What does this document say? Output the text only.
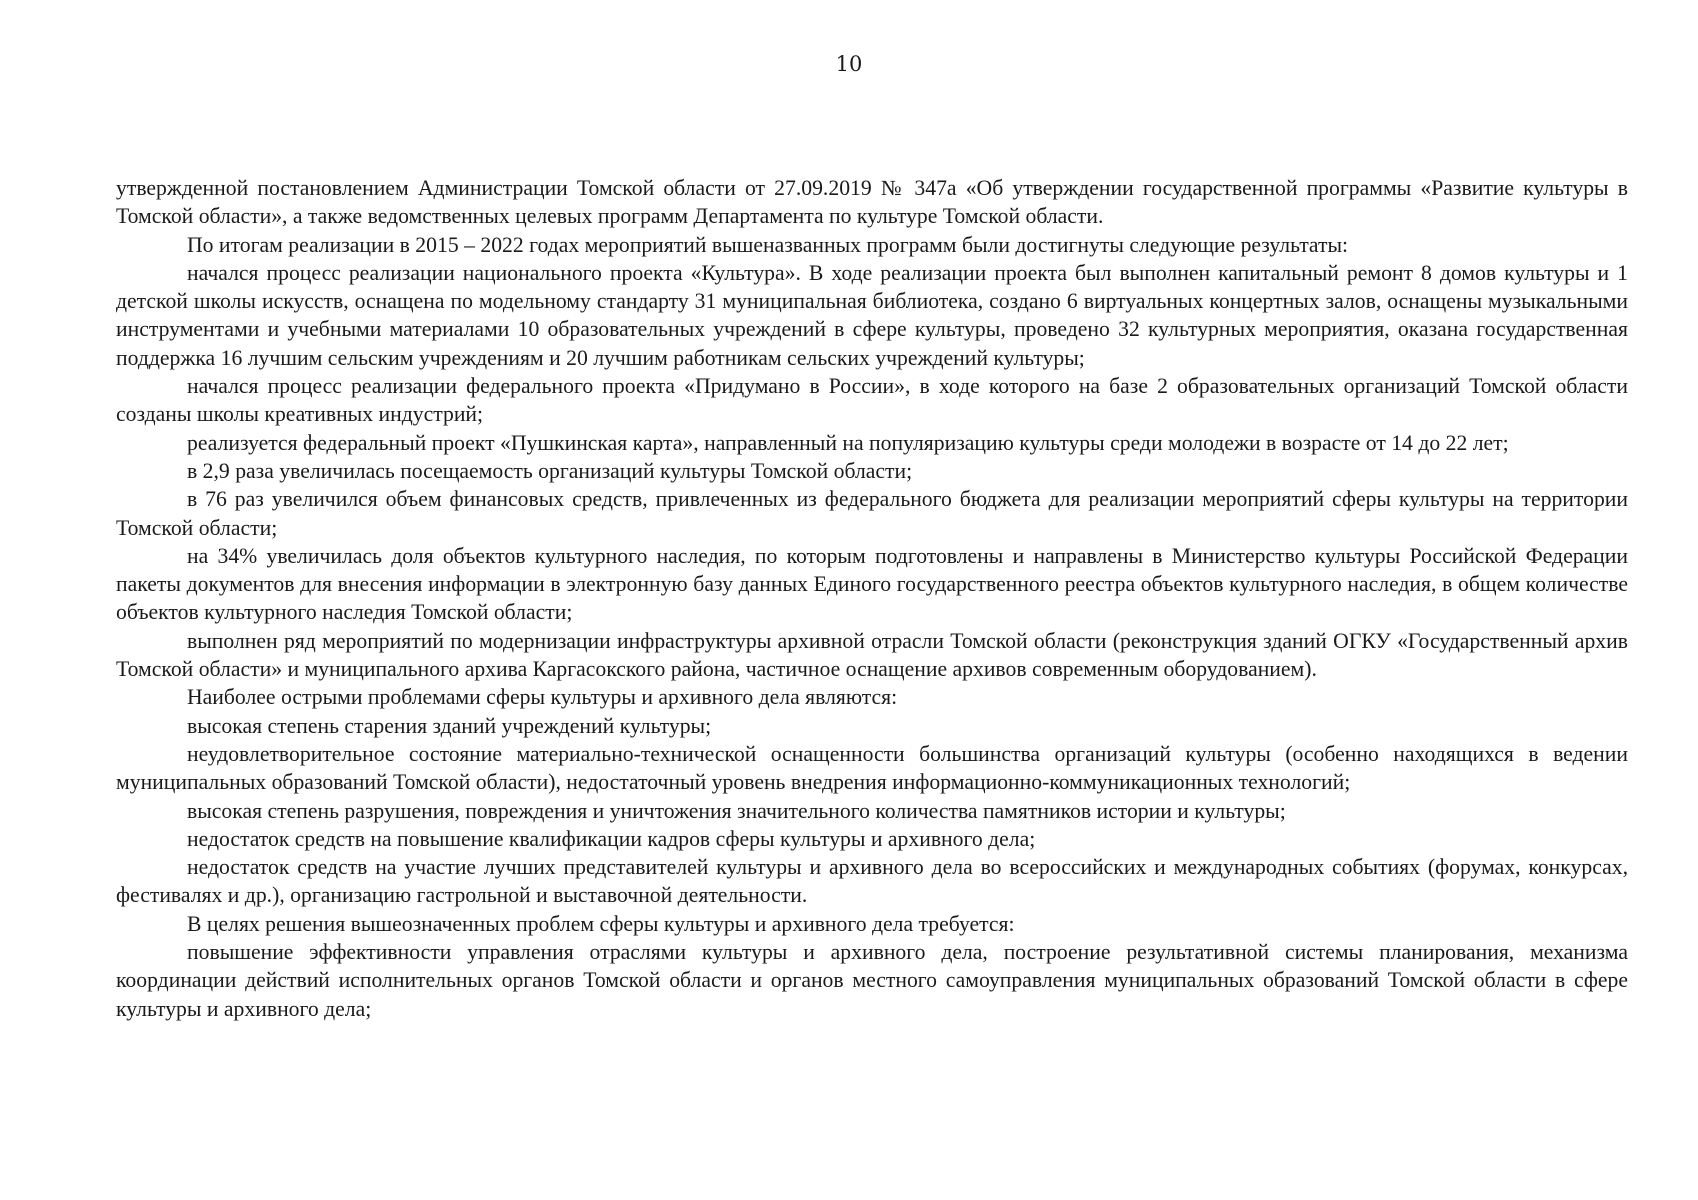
10

утвержденной постановлением Администрации Томской области от 27.09.2019 № 347а «Об утверждении государственной программы «Развитие культуры в Томской области», а также ведомственных целевых программ Департамента по культуре Томской области.

По итогам реализации в 2015 – 2022 годах мероприятий вышеназванных программ были достигнуты следующие результаты:

начался процесс реализации национального проекта «Культура». В ходе реализации проекта был выполнен капитальный ремонт 8 домов культуры и 1 детской школы искусств, оснащена по модельному стандарту 31 муниципальная библиотека, создано 6 виртуальных концертных залов, оснащены музыкальными инструментами и учебными материалами 10 образовательных учреждений в сфере культуры, проведено 32 культурных мероприятия, оказана государственная поддержка 16 лучшим сельским учреждениям и 20 лучшим работникам сельских учреждений культуры;

начался процесс реализации федерального проекта «Придумано в России», в ходе которого на базе 2 образовательных организаций Томской области созданы школы креативных индустрий;

реализуется федеральный проект «Пушкинская карта», направленный на популяризацию культуры среди молодежи в возрасте от 14 до 22 лет;

в 2,9 раза увеличилась посещаемость организаций культуры Томской области;

в 76 раз увеличился объем финансовых средств, привлеченных из федерального бюджета для реализации мероприятий сферы культуры на территории Томской области;

на 34% увеличилась доля объектов культурного наследия, по которым подготовлены и направлены в Министерство культуры Российской Федерации пакеты документов для внесения информации в электронную базу данных Единого государственного реестра объектов культурного наследия, в общем количестве объектов культурного наследия Томской области;

выполнен ряд мероприятий по модернизации инфраструктуры архивной отрасли Томской области (реконструкция зданий ОГКУ «Государственный архив Томской области» и муниципального архива Каргасокского района, частичное оснащение архивов современным оборудованием).

Наиболее острыми проблемами сферы культуры и архивного дела являются:

высокая степень старения зданий учреждений культуры;

неудовлетворительное состояние материально-технической оснащенности большинства организаций культуры (особенно находящихся в ведении муниципальных образований Томской области), недостаточный уровень внедрения информационно-коммуникационных технологий;

высокая степень разрушения, повреждения и уничтожения значительного количества памятников истории и культуры;

недостаток средств на повышение квалификации кадров сферы культуры и архивного дела;

недостаток средств на участие лучших представителей культуры и архивного дела во всероссийских и международных событиях (форумах, конкурсах, фестивалях и др.), организацию гастрольной и выставочной деятельности.

В целях решения вышеозначенных проблем сферы культуры и архивного дела требуется:

повышение эффективности управления отраслями культуры и архивного дела, построение результативной системы планирования, механизма координации действий исполнительных органов Томской области и органов местного самоуправления муниципальных образований Томской области в сфере культуры и архивного дела;
